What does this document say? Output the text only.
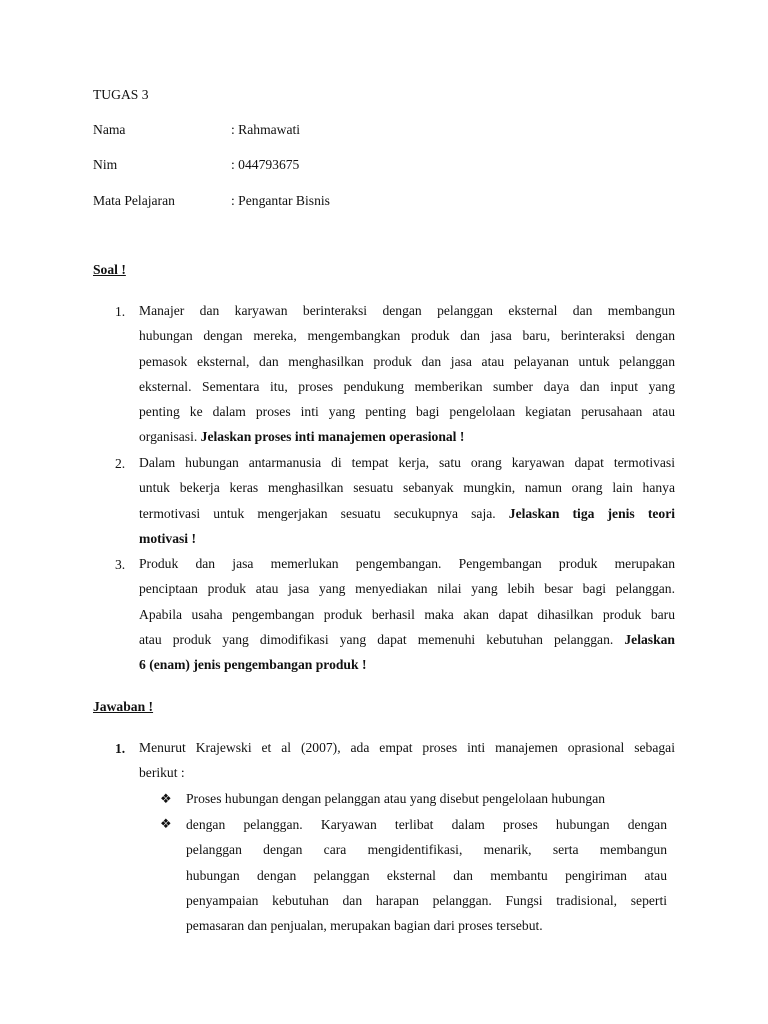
TUGAS 3
Nama	: Rahmawati
Nim	: 044793675
Mata Pelajaran	: Pengantar Bisnis
Soal !
1. Manajer dan karyawan berinteraksi dengan pelanggan eksternal dan membangun
hubungan dengan mereka, mengembangkan produk dan jasa baru, berinteraksi dengan
pemasok eksternal, dan menghasilkan produk dan jasa atau pelayanan untuk pelanggan
eksternal. Sementara itu, proses pendukung memberikan sumber daya dan input yang
penting ke dalam proses inti yang penting bagi pengelolaan kegiatan perusahaan atau
organisasi. Jelaskan proses inti manajemen operasional !
2. Dalam hubungan antarmanusia di tempat kerja, satu orang karyawan dapat termotivasi
untuk bekerja keras menghasilkan sesuatu sebanyak mungkin, namun orang lain hanya
termotivasi untuk mengerjakan sesuatu secukupnya saja. Jelaskan tiga jenis teori
motivasi !
3. Produk dan jasa memerlukan pengembangan. Pengembangan produk merupakan
penciptaan produk atau jasa yang menyediakan nilai yang lebih besar bagi pelanggan.
Apabila usaha pengembangan produk berhasil maka akan dapat dihasilkan produk baru
atau produk yang dimodifikasi yang dapat memenuhi kebutuhan pelanggan. Jelaskan
6 (enam) jenis pengembangan produk !
Jawaban !
1. Menurut Krajewski et al (2007), ada empat proses inti manajemen oprasional sebagai
berikut :
❖ Proses hubungan dengan pelanggan atau yang disebut pengelolaan hubungan
❖ dengan pelanggan. Karyawan terlibat dalam proses hubungan dengan
pelanggan dengan cara mengidentifikasi, menarik, serta membangun
hubungan dengan pelanggan eksternal dan membantu pengiriman atau
penyampaian kebutuhan dan harapan pelanggan. Fungsi tradisional, seperti
pemasaran dan penjualan, merupakan bagian dari proses tersebut.
